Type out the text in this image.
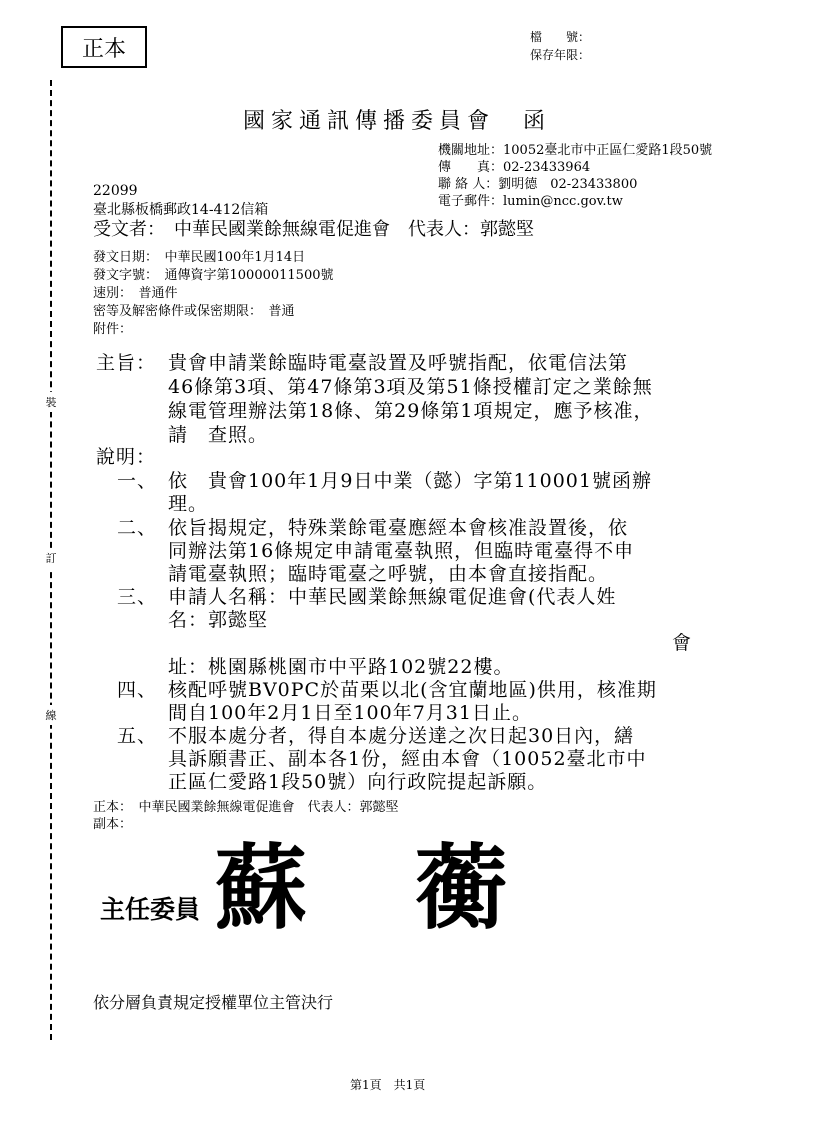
正本	檔　　號：
保存年限：
裝
訂
線
國家通訊傳播委員會　函
機關地址：10052臺北市中正區仁愛路1段50號
傳　　真：02-23433964
聯 絡 人：劉明德　02-23433800
電子郵件：lumin@ncc.gov.tw
22099
臺北縣板橋郵政14-412信箱
受文者：　中華民國業餘無線電促進會　代表人：郭懿堅
發文日期：　中華民國100年1月14日
發文字號：　通傳資字第10000011500號
速別：　普通件
密等及解密條件或保密期限：　普通
附件：
主旨： 貴會申請業餘臨時電臺設置及呼號指配，依電信法第
46條第3項、第47條第3項及第51條授權訂定之業餘無
線電管理辦法第18條、第29條第1項規定，應予核准，
請　查照。
說明：
一、 依　貴會100年1月9日中業（懿）字第110001號函辦
理。
二、 依旨揭規定，特殊業餘電臺應經本會核准設置後，依
同辦法第16條規定申請電臺執照，但臨時電臺得不申
請電臺執照；臨時電臺之呼號，由本會直接指配。
三、 申請人名稱：中華民國業餘無線電促進會(代表人姓
名：郭懿堅
會
址：桃園縣桃園市中平路102號22樓。
四、 核配呼號BV0PC於苗栗以北(含宜蘭地區)供用，核准期
間自100年2月1日至100年7月31日止。
五、 不服本處分者，得自本處分送達之次日起30日內，繕
具訴願書正、副本各1份，經由本會（10052臺北市中
正區仁愛路1段50號）向行政院提起訴願。
正本：　中華民國業餘無線電促進會　代表人：郭懿堅
副本：
主任委員 蘇　蘅
依分層負責規定授權單位主管決行
第1頁　共1頁
